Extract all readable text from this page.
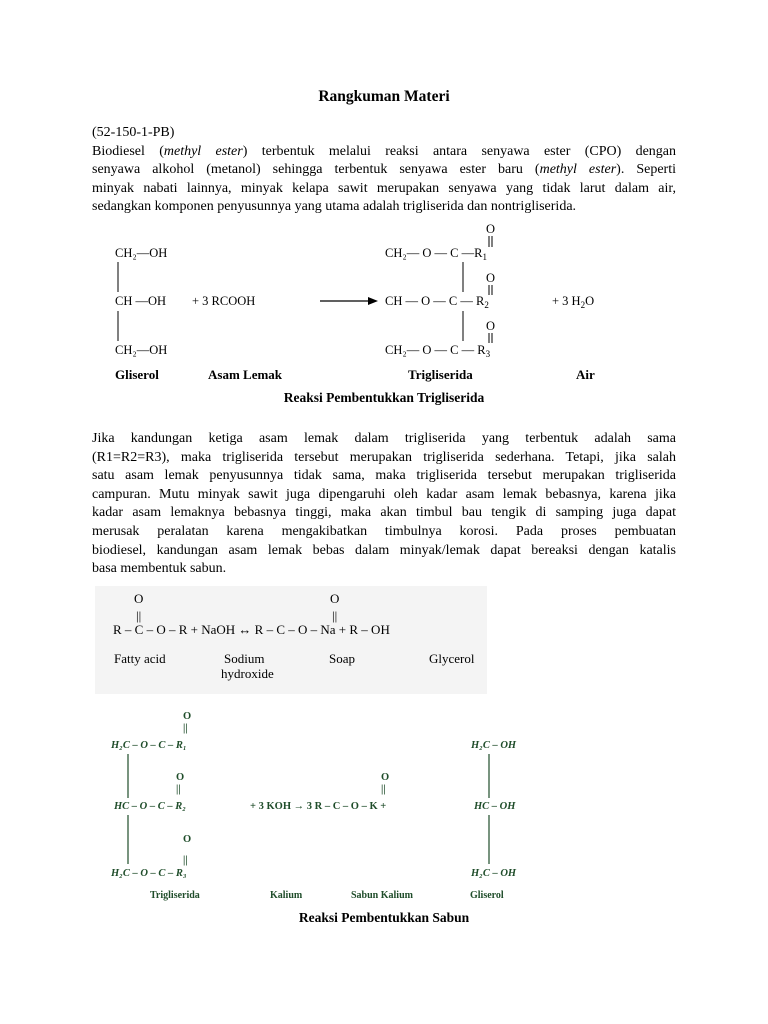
Rangkuman Materi
(52-150-1-PB)
Biodiesel (methyl ester) terbentuk melalui reaksi antara senyawa ester (CPO) dengan
senyawa alkohol (metanol) sehingga terbentuk senyawa ester baru (methyl ester). Seperti
minyak nabati lainnya, minyak kelapa sawit merupakan senyawa yang tidak larut dalam air,
sedangkan komponen penyusunnya yang utama adalah trigliserida dan nontrigliserida.
CH₂—OH
CH —OH
CH₂—OH
+ 3 RCOOH
O
CH₂— O — C $—R_1$
O
CH — O — C — $R_2$
O
CH₂— O — C — $R_3$
+ 3 $H_2O$
Gliserol	Asam Lemak	Trigliserida	Air
Reaksi Pembentukkan Trigliserida
Jika kandungan ketiga asam lemak dalam trigliserida yang terbentuk adalah sama
(R1=R2=R3), maka trigliserida tersebut merupakan trigliserida sederhana. Tetapi, jika salah
satu asam lemak penyusunnya tidak sama, maka trigliserida tersebut merupakan trigliserida
campuran. Mutu minyak sawit juga dipengaruhi oleh kadar asam lemak bebasnya, karena jika
kadar asam lemaknya bebasnya tinggi, maka akan timbul bau tengik di samping juga dapat
merusak peralatan karena mengakibatkan timbulnya korosi. Pada proses pembuatan
biodiesel, kandungan asam lemak bebas dalam minyak/lemak dapat bereaksi dengan katalis
basa membentuk sabun.
O
||
O
||
R – C – O – R + NaOH ↔ R – C – O – Na + R – OH
Fatty acid	Sodium
hydroxide
Soap	Glycerol
O
||
H₂C – O – C – R₁
O
||
HC – O – C – R₂
O
||
H₂C – O – C – R₃
O
||
+ 3 KOH → 3 R – C – O – K +
H₂C – OH
HC – OH
H₂C – OH
Trigliserida	Kalium	Sabun Kalium	Gliserol
Reaksi Pembentukkan Sabun
